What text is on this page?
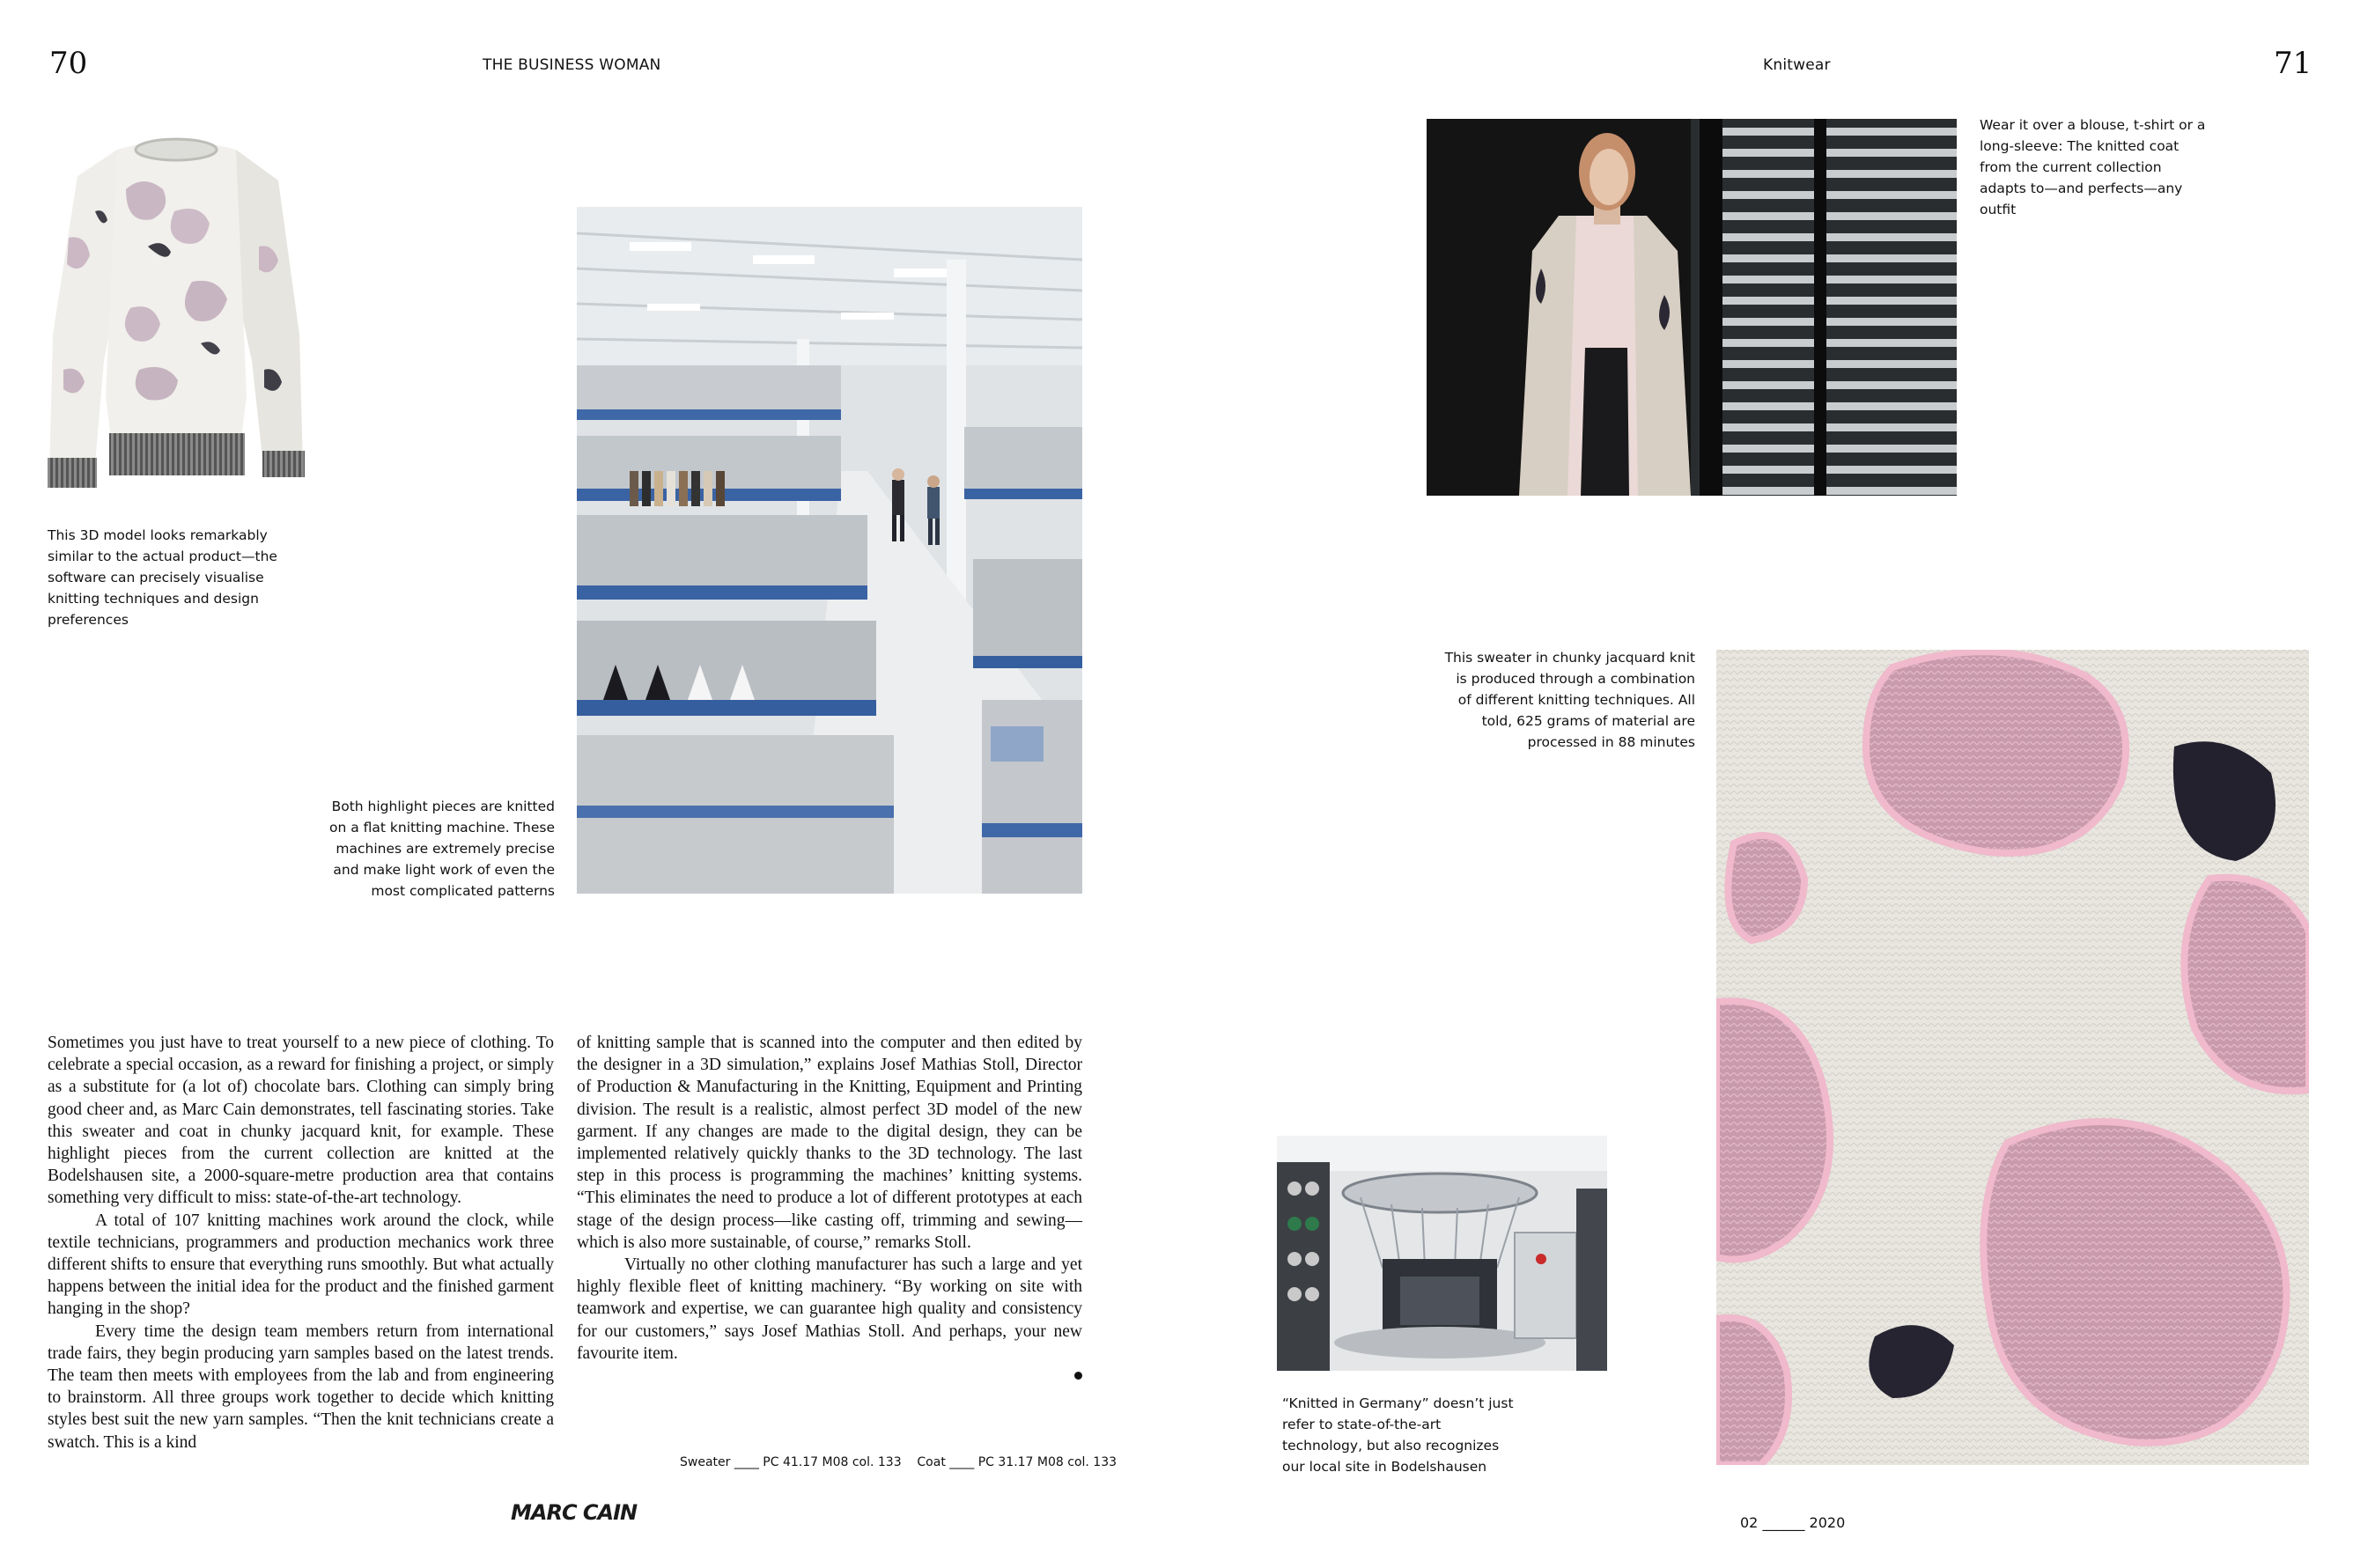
70	THE BUSINESS WOMAN
This 3D model looks remarkably similar to the actual product—the software can precisely visualise knitting techniques and design preferences
Both highlight pieces are knitted on a flat knitting machine. These machines are extremely precise and make light work of even the most complicated patterns

Sometimes you just have to treat yourself to a new piece of clothing. To celebrate a special occasion, as a reward for finishing a project, or simply as a substitute for (a lot of) chocolate bars. Clothing can simply bring good cheer and, as Marc Cain demonstrates, tell fascinating stories. Take this sweater and coat in chunky jacquard knit, for example. These highlight pieces from the current collection are knitted at the Bodelshausen site, a 2000-square-metre production area that contains something very difficult to miss: state-of-the-art technology.

A total of 107 knitting machines work around the clock, while textile technicians, programmers and production mechanics work three different shifts to ensure that everything runs smoothly. But what actually happens between the initial idea for the product and the finished garment hanging in the shop?

Every time the design team members return from international trade fairs, they begin producing yarn samples based on the latest trends. The team then meets with employees from the lab and from engineering to brainstorm. All three groups work together to decide which knitting styles best suit the new yarn samples. “Then the knit technicians create a swatch. This is a kind

of knitting sample that is scanned into the computer and then edited by the designer in a 3D simulation,” explains Josef Mathias Stoll, Director of Production & Manufacturing in the Knitting, Equipment and Printing division. The result is a realistic, almost perfect 3D model of the new garment. If any changes are made to the digital design, they can be implemented relatively quickly thanks to the 3D technology. The last step in this process is programming the machines’ knitting systems. “This eliminates the need to produce a lot of different prototypes at each stage of the design process—like casting off, trimming and sewing—which is also more sustainable, of course,” remarks Stoll.

Virtually no other clothing manufacturer has such a large and yet highly flexible fleet of knitting machinery. “By working on site with teamwork and expertise, we can guarantee high quality and consistency for our customers,” says Josef Mathias Stoll. And perhaps, your new favourite item.

Sweater ____ PC 41.17 M08 col. 133    Coat ____ PC 31.17 M08 col. 133
MARC CAIN
Knitwear	71
Wear it over a blouse, t-shirt or a long-sleeve: The knitted coat from the current collection adapts to—and perfects—any outfit
This sweater in chunky jacquard knit is produced through a combination of different knitting techniques. All told, 625 grams of material are processed in 88 minutes
“Knitted in Germany” doesn’t just refer to state-of-the-art technology, but also recognizes our local site in Bodelshausen
02 ______ 2020
